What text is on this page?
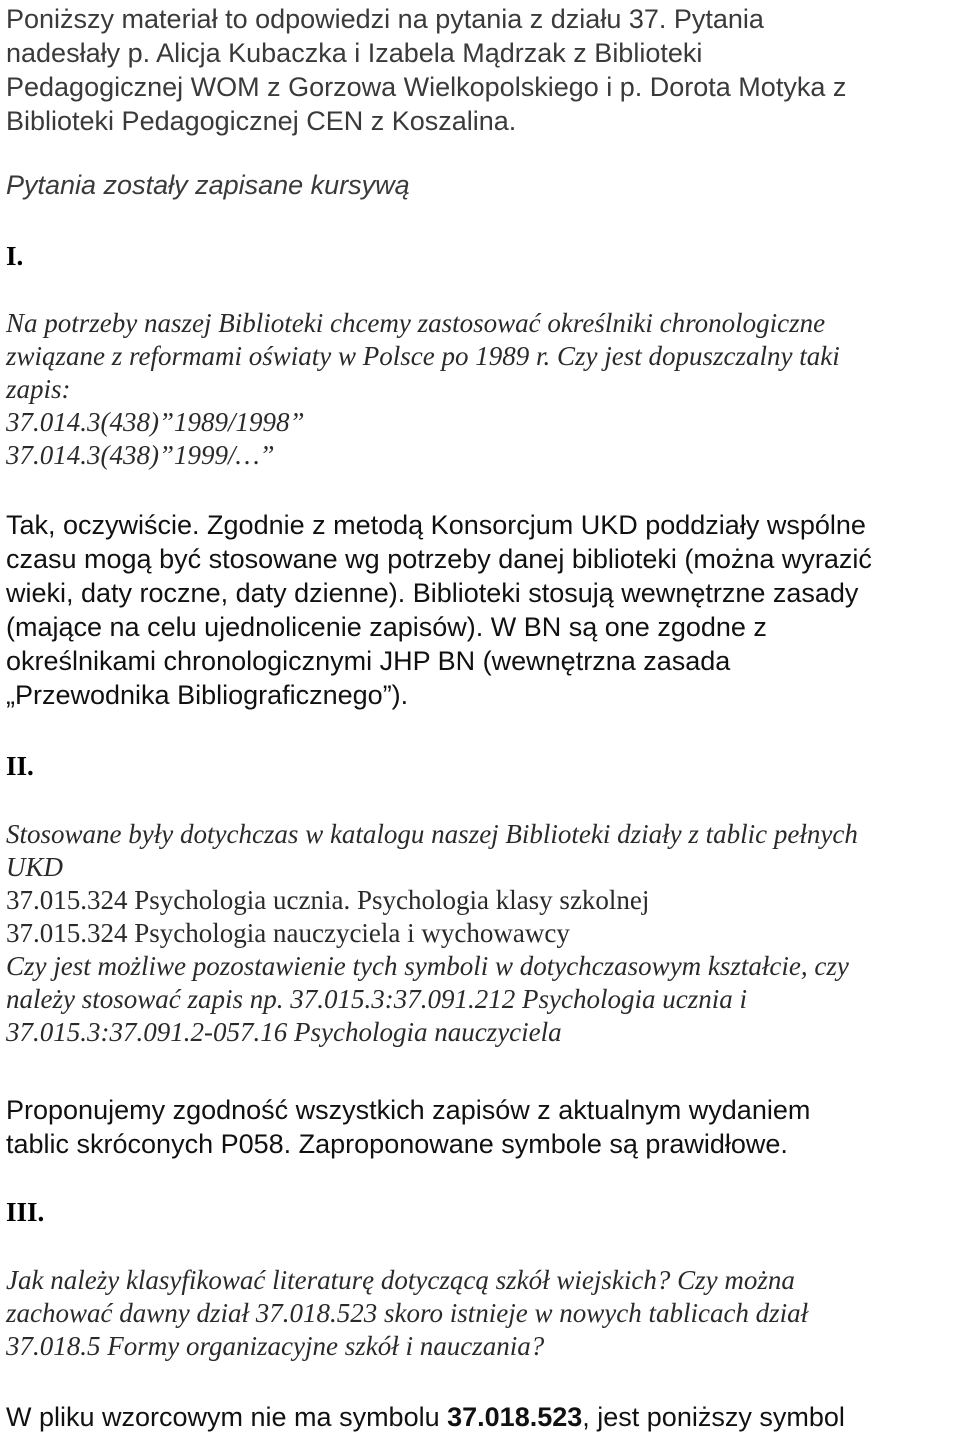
Poniższy materiał to odpowiedzi na pytania z działu 37. Pytania
nadesłały p. Alicja Kubaczka i Izabela Mądrzak z Biblioteki
Pedagogicznej WOM z Gorzowa Wielkopolskiego i p. Dorota Motyka z
Biblioteki Pedagogicznej CEN z Koszalina.
Pytania zostały zapisane kursywą
I.
Na potrzeby naszej Biblioteki chcemy zastosować określniki chronologiczne
związane z reformami oświaty w Polsce po 1989 r. Czy jest dopuszczalny taki
zapis:
37.014.3(438)”1989/1998”
37.014.3(438)”1999/…”
Tak, oczywiście. Zgodnie z metodą Konsorcjum UKD poddziały wspólne
czasu mogą być stosowane wg potrzeby danej biblioteki (można wyrazić
wieki, daty roczne, daty dzienne). Biblioteki stosują wewnętrzne zasady
(mające na celu ujednolicenie zapisów). W BN są one zgodne z
określnikami chronologicznymi JHP BN (wewnętrzna zasada
„Przewodnika Bibliograficznego”).
II.
Stosowane były dotychczas w katalogu naszej Biblioteki działy z tablic pełnych
UKD
37.015.324 Psychologia ucznia. Psychologia klasy szkolnej
37.015.324 Psychologia nauczyciela i wychowawcy
Czy jest możliwe pozostawienie tych symboli w dotychczasowym kształcie, czy
należy stosować zapis np. 37.015.3:37.091.212 Psychologia ucznia i
37.015.3:37.091.2-057.16 Psychologia nauczyciela
Proponujemy zgodność wszystkich zapisów z aktualnym wydaniem
tablic skróconych P058. Zaproponowane symbole są prawidłowe.
III.
Jak należy klasyfikować literaturę dotyczącą szkół wiejskich? Czy można
zachować dawny dział 37.018.523 skoro istnieje w nowych tablicach dział
37.018.5 Formy organizacyjne szkół i nauczania?
W pliku wzorcowym nie ma symbolu 37.018.523, jest poniższy symbol
